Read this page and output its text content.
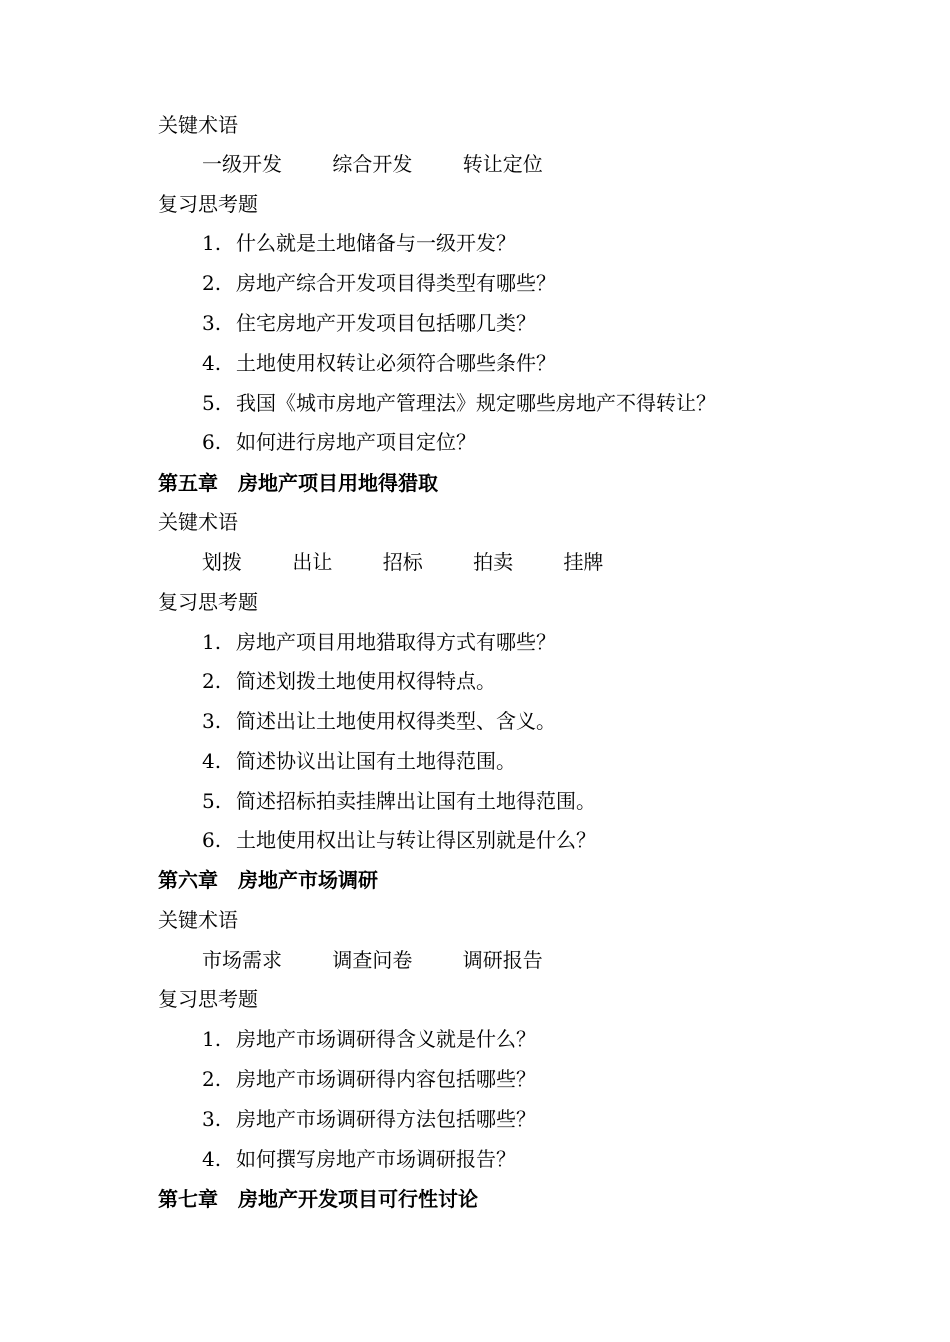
关键术语
一级开发	综合开发	转让定位
复习思考题
1. 什么就是土地储备与一级开发？
2. 房地产综合开发项目得类型有哪些？
3. 住宅房地产开发项目包括哪几类？
4. 土地使用权转让必须符合哪些条件？
5. 我国《城市房地产管理法》规定哪些房地产不得转让？
6. 如何进行房地产项目定位？
第五章　房地产项目用地得猎取
关键术语
划拨	出让	招标	拍卖	挂牌
复习思考题
1. 房地产项目用地猎取得方式有哪些？
2. 简述划拨土地使用权得特点。
3. 简述出让土地使用权得类型、含义。
4. 简述协议出让国有土地得范围。
5. 简述招标拍卖挂牌出让国有土地得范围。
6. 土地使用权出让与转让得区别就是什么？
第六章　房地产市场调研
关键术语
市场需求	调查问卷	调研报告
复习思考题
1. 房地产市场调研得含义就是什么？
2. 房地产市场调研得内容包括哪些？
3. 房地产市场调研得方法包括哪些？
4. 如何撰写房地产市场调研报告？
第七章　房地产开发项目可行性讨论
